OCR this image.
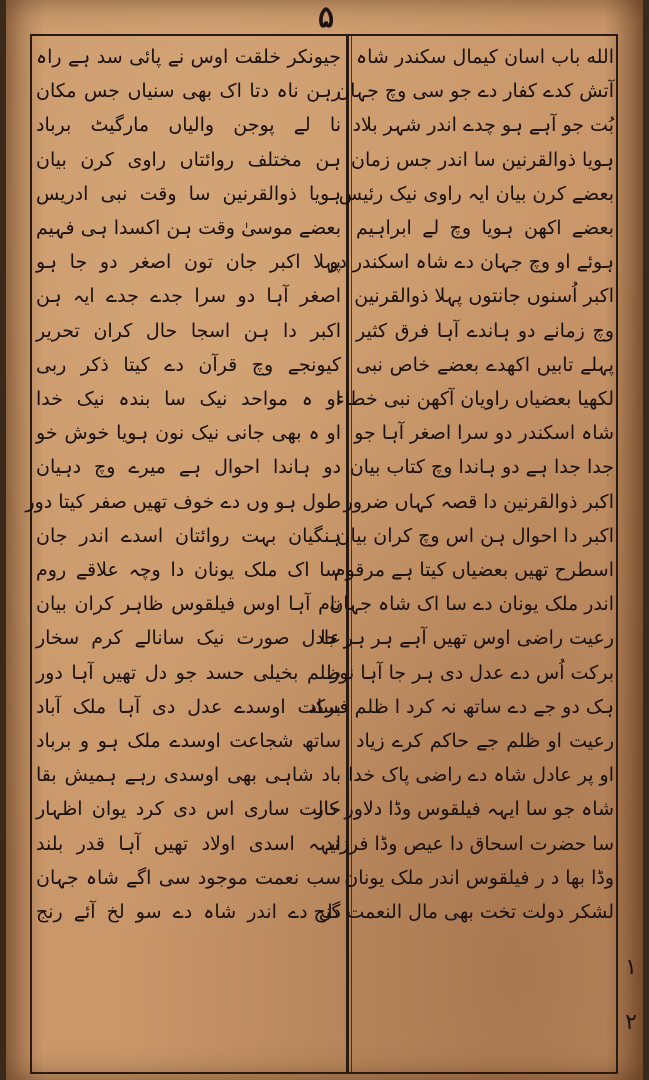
۵
الله باب اسان کیمال سکندر شاہ
آتش کدے کفار دے جو سی وچ جہان
بُت جو آہے ہو چدے اندر شہر بلاد
ہویا ذوالقرنین سا اندر جس زمان
بعضے کرن بیان ایہ راوی نیک رئیس
بعضے اکھن ہویا وچ لے ابراہیم
ہوئے او وچ جہان دے شاہ اسکندر دو
اکبر اُسنوں جانتوں پہلا ذوالقرنین
وچ زمانے دو ہاندے آہا فرق کثیر
پہلے تابیں اکھدے بعضے خاص نبی
لکھیا بعضیاں راویان آکھن نبی خطاء
شاہ اسکندر دو سرا اصغر آہا جو
جدا جدا ہے دو ہاندا وچ کتاب بیان
اکبر ذوالقرنین دا قصہ کہاں ضرور
اکبر دا احوال ہن اس وچ کران بیان
اسطرح تھیں بعضیاں کیتا ہے مرقوم
اندر ملک یونان دے سا اک شاہ جہان
رعیت راضی اوس تھیں آہے ہر ہر جا
برکت اُس دے عدل دی ہر جا آہا نور
ہک دو جے دے ساتھ نہ کرد ا ظلم فساد
رعیت او ظلم جے حاکم کرے زیاد
او پر عادل شاہ دے راضی پاک خدا
شاہ جو سا ایہہ فیلقوس وڈا دلاور کار
سا حضرت اسحاق دا عیص وڈا فرزند
وڈا بھا د ر فیلقوس اندر ملک یونان
لشکر دولت تخت بھی مال النعمت گنج
جیونکر خلقت اوس نے پائی سد ہے راہ
رہن ناہ دتا اک بھی سنیاں جس مکان
نا لے پوجن والیاں مارگیٹ برباد
ہن مختلف روائتاں راوی کرن بیان
ہویا ذوالقرنین سا وقت نبی ادریس
بعضے موسیٰ وقت ہن اکسدا ہی فہیم
پہلا اکبر جان تون اصغر دو جا ہو
اصغر آہا دو سرا جدے جدے ایہ ہن
اکبر دا ہن اسجا حال کران تحریر
کیونجے وچ قرآن دے کیتا ذکر ربی
او ہ مواحد نیک سا بندہ نیک خدا
او ہ بھی جانی نیک نون ہویا خوش خو
دو ہاندا احوال ہے میرے وچ دہیان
طول ہو وں دے خوف تھیں صفر کیتا دور
ہنگیان بہت روائتان اسدے اندر جان
سا اک ملک یونان دا وچہ علاقے روم
نام آہا اوس فیلقوس ظاہر کران بیان
عادل صورت نیک سانالے کرم سخار
ظلم بخیلی حسد جو دل تھیں آہا دور
برکت اوسدے عدل دی آہا ملک آباد
ساتھ شجاعت اوسدے ملک ہو و برباد
باد شاہی بھی اوسدی رہے ہمیش بقا
حالت ساری اس دی کرد یوان اظہار
ایہہ اسدی اولاد تھیں آہا قدر بلند
سب نعمت موجود سی اگے شاہ جہان
دل دے اندر شاہ دے سو لخ آئے رنج
۱
۲
